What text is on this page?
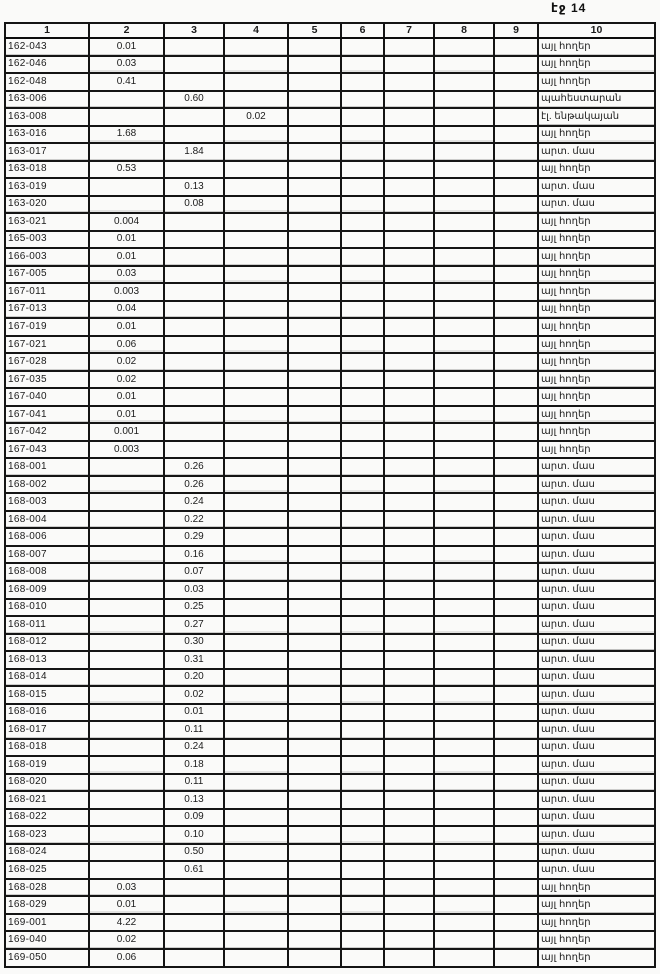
էջ 14
1	2	3	4	5	6	7	8	9	10
162-043	0.01								այլ հողեր
162-046	0.03								այլ հողեր
162-048	0.41								այլ հողեր
163-006		0.60							պահեստարան
163-008			0.02						էլ. ենթակայան
163-016	1.68								այլ հողեր
163-017		1.84							արտ. մաս
163-018	0.53								այլ հողեր
163-019		0.13							արտ. մաս
163-020		0.08							արտ. մաս
163-021	0.004								այլ հողեր
165-003	0.01								այլ հողեր
166-003	0.01								այլ հողեր
167-005	0.03								այլ հողեր
167-011	0.003								այլ հողեր
167-013	0.04								այլ հողեր
167-019	0.01								այլ հողեր
167-021	0.06								այլ հողեր
167-028	0.02								այլ հողեր
167-035	0.02								այլ հողեր
167-040	0.01								այլ հողեր
167-041	0.01								այլ հողեր
167-042	0.001								այլ հողեր
167-043	0.003								այլ հողեր
168-001		0.26							արտ. մաս
168-002		0.26							արտ. մաս
168-003		0.24							արտ. մաս
168-004		0.22							արտ. մաս
168-006		0.29							արտ. մաս
168-007		0.16							արտ. մաս
168-008		0.07							արտ. մաս
168-009		0.03							արտ. մաս
168-010		0.25							արտ. մաս
168-011		0.27							արտ. մաս
168-012		0.30							արտ. մաս
168-013		0.31							արտ. մաս
168-014		0.20							արտ. մաս
168-015		0.02							արտ. մաս
168-016		0.01							արտ. մաս
168-017		0.11							արտ. մաս
168-018		0.24							արտ. մաս
168-019		0.18							արտ. մաս
168-020		0.11							արտ. մաս
168-021		0.13							արտ. մաս
168-022		0.09							արտ. մաս
168-023		0.10							արտ. մաս
168-024		0.50							արտ. մաս
168-025		0.61							արտ. մաս
168-028	0.03								այլ հողեր
168-029	0.01								այլ հողեր
169-001	4.22								այլ հողեր
169-040	0.02								այլ հողեր
169-050	0.06								այլ հողեր
